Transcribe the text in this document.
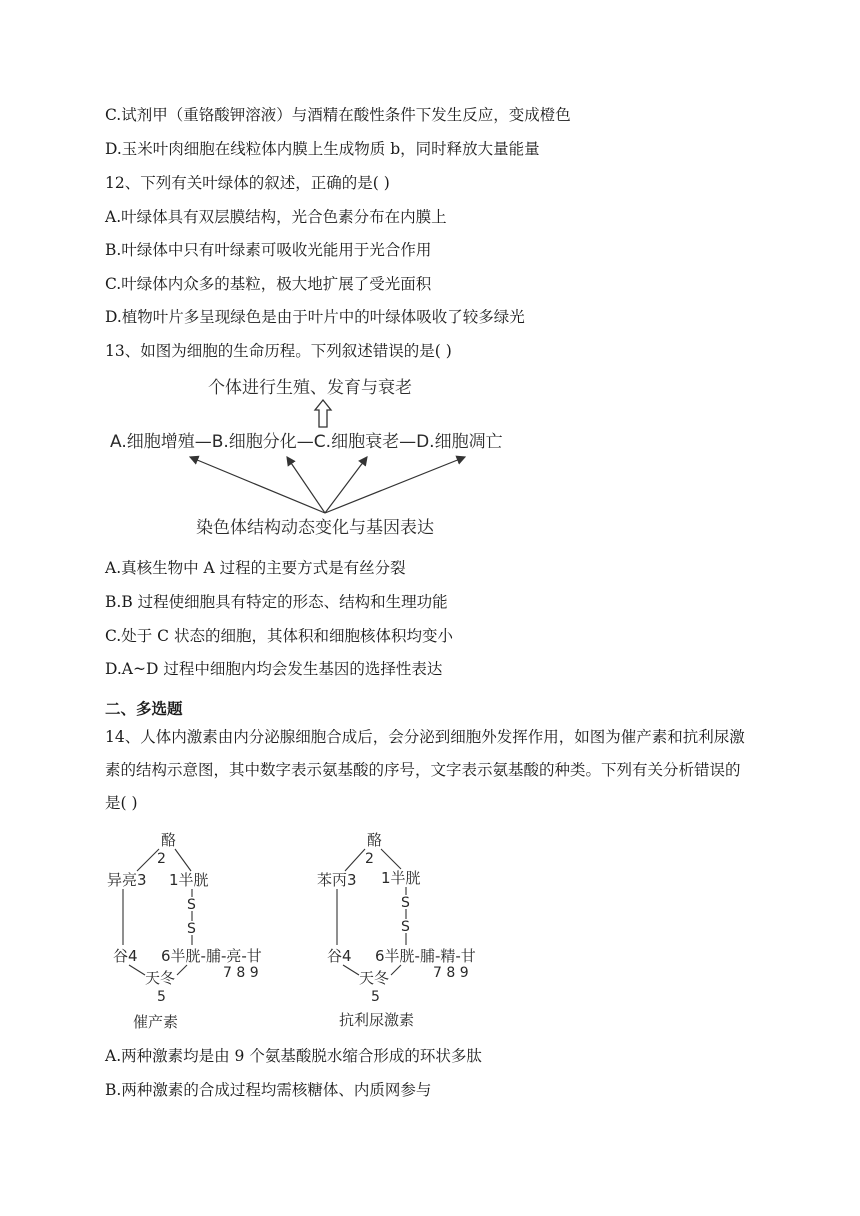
C.试剂甲（重铬酸钾溶液）与酒精在酸性条件下发生反应，变成橙色
D.玉米叶肉细胞在线粒体内膜上生成物质 b，同时释放大量能量
12、下列有关叶绿体的叙述，正确的是( )
A.叶绿体具有双层膜结构，光合色素分布在内膜上
B.叶绿体中只有叶绿素可吸收光能用于光合作用
C.叶绿体内众多的基粒，极大地扩展了受光面积
D.植物叶片多呈现绿色是由于叶片中的叶绿体吸收了较多绿光
13、如图为细胞的生命历程。下列叙述错误的是( )
个体进行生殖、发育与衰老
A.细胞增殖—B.细胞分化—C.细胞衰老—D.细胞凋亡
染色体结构动态变化与基因表达
A.真核生物中 A 过程的主要方式是有丝分裂
B.B 过程使细胞具有特定的形态、结构和生理功能
C.处于 C 状态的细胞，其体积和细胞核体积均变小
D.A~D 过程中细胞内均会发生基因的选择性表达
二、多选题
14、人体内激素由内分泌腺细胞合成后，会分泌到细胞外发挥作用，如图为催产素和抗利尿激素的结构示意图，其中数字表示氨基酸的序号，文字表示氨基酸的种类。下列有关分析错误的是( )
酪
2
异亮3 1半胱
S
S
谷4 6半胱-脯-亮-甘
7 8 9
天冬
5
催产素
酪
2
苯丙3 1半胱
S
S
谷4 6半胱-脯-精-甘
7 8 9
天冬
5
抗利尿激素
A.两种激素均是由 9 个氨基酸脱水缩合形成的环状多肽
B.两种激素的合成过程均需核糖体、内质网参与
